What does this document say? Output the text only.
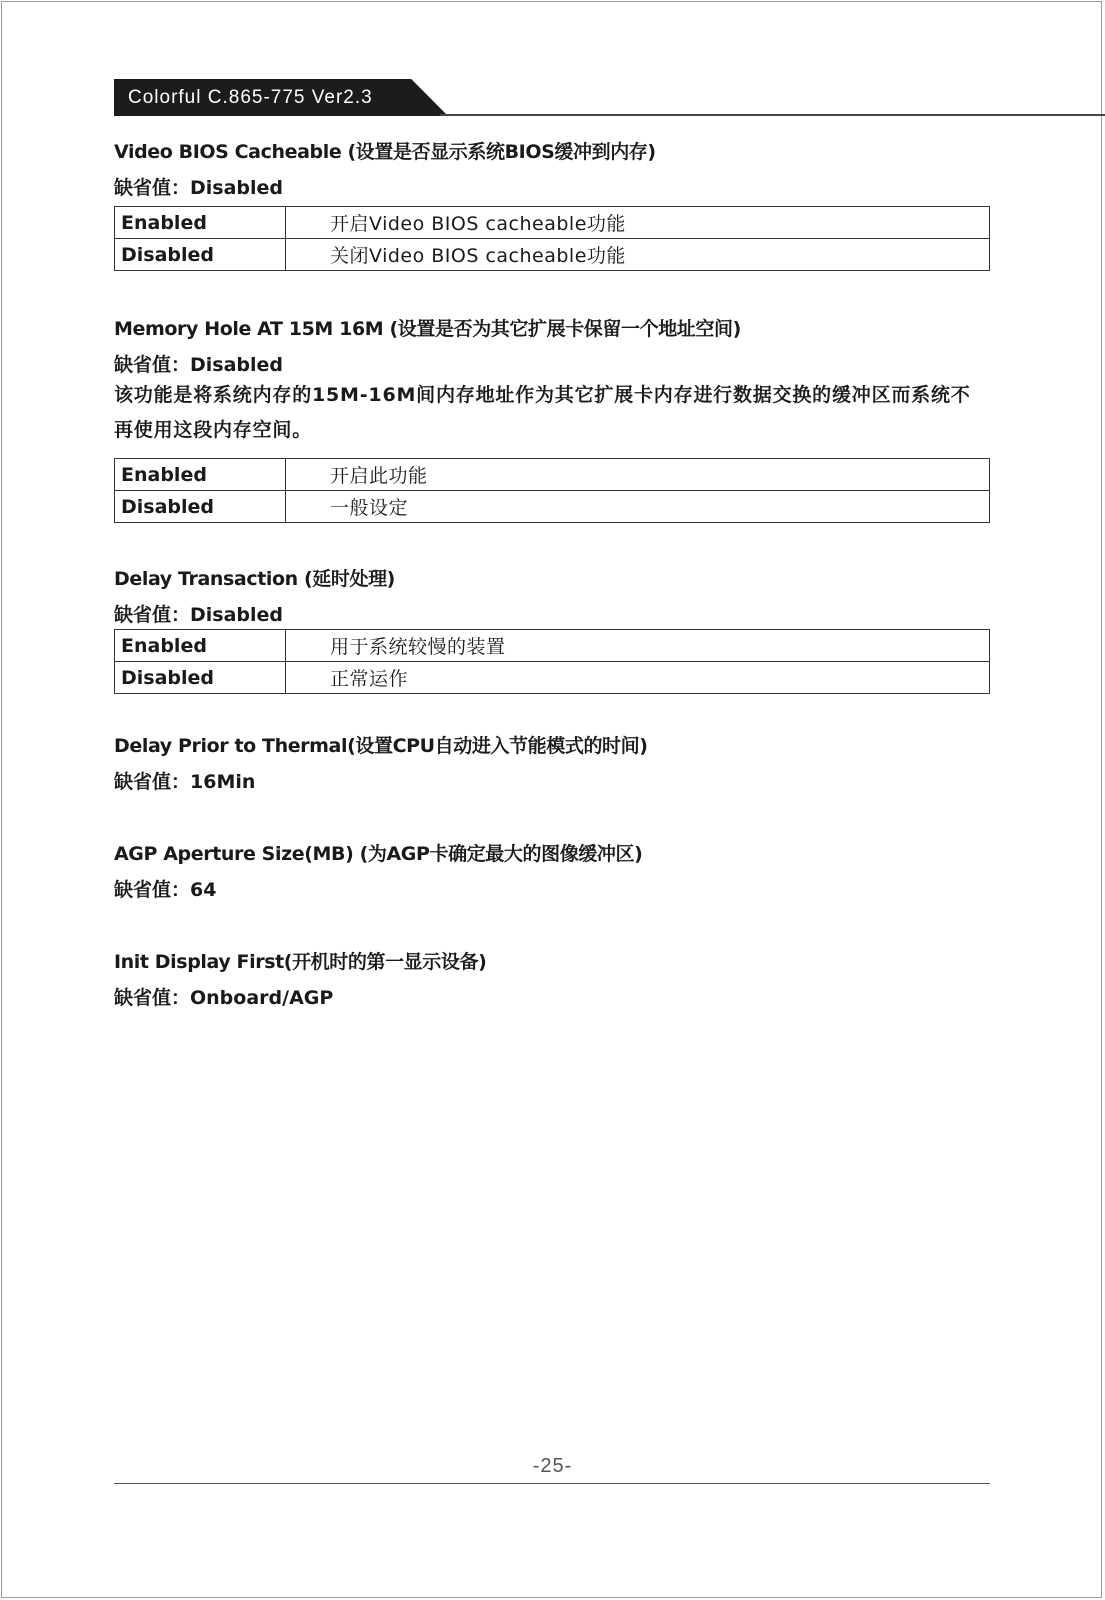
Colorful C.865-775 Ver2.3
Video BIOS Cacheable (设置是否显示系统BIOS缓冲到内存)
缺省值：Disabled
Enabled	开启Video BIOS cacheable功能
Disabled	关闭Video BIOS cacheable功能
Memory Hole AT 15M 16M (设置是否为其它扩展卡保留一个地址空间)
缺省值：Disabled
该功能是将系统内存的15M-16M间内存地址作为其它扩展卡内存进行数据交换的缓冲区而系统不再使用这段内存空间。
Enabled	开启此功能
Disabled	一般设定
Delay Transaction (延时处理)
缺省值：Disabled
Enabled	用于系统较慢的装置
Disabled	正常运作
Delay Prior to Thermal(设置CPU自动进入节能模式的时间)
缺省值：16Min
AGP Aperture Size(MB) (为AGP卡确定最大的图像缓冲区)
缺省值：64
Init Display First(开机时的第一显示设备)
缺省值：Onboard/AGP
-25-
